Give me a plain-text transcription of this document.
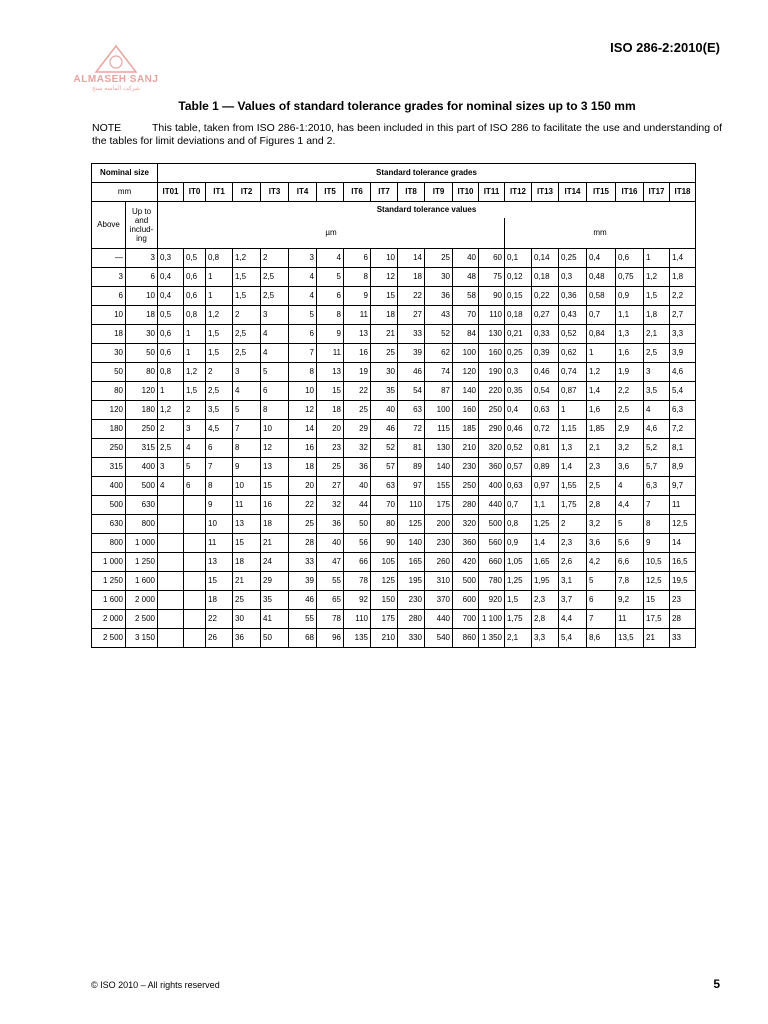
ISO 286-2:2010(E)
ALMASEH SANJ
شركت الماسه سنج
Table 1 — Values of standard tolerance grades for nominal sizes up to 3 150 mm
NOTE	This table, taken from ISO 286-1:2010, has been included in this part of ISO 286 to facilitate the use and understanding of the tables for limit deviations and of Figures 1 and 2.
Nominal size		Standard tolerance grades																			
mm		IT01	IT0	IT1	IT2	IT3	IT4	IT5	IT6	IT7	IT8	IT9	IT10	IT11	IT12	IT13	IT14	IT15	IT16	IT17	IT18
Above	Up to and includ- ing	Standard tolerance values																			
		µm													mm						
—	3	0,3	0,5	0,8	1,2	2	3	4	6	10	14	25	40	60	0,1	0,14	0,25	0,4	0,6	1	1,4
3	6	0,4	0,6	1	1,5	2,5	4	5	8	12	18	30	48	75	0,12	0,18	0,3	0,48	0,75	1,2	1,8
6	10	0,4	0,6	1	1,5	2,5	4	6	9	15	22	36	58	90	0,15	0,22	0,36	0,58	0,9	1,5	2,2
10	18	0,5	0,8	1,2	2	3	5	8	11	18	27	43	70	110	0,18	0,27	0,43	0,7	1,1	1,8	2,7
18	30	0,6	1	1,5	2,5	4	6	9	13	21	33	52	84	130	0,21	0,33	0,52	0,84	1,3	2,1	3,3
30	50	0,6	1	1,5	2,5	4	7	11	16	25	39	62	100	160	0,25	0,39	0,62	1	1,6	2,5	3,9
50	80	0,8	1,2	2	3	5	8	13	19	30	46	74	120	190	0,3	0,46	0,74	1,2	1,9	3	4,6
80	120	1	1,5	2,5	4	6	10	15	22	35	54	87	140	220	0,35	0,54	0,87	1,4	2,2	3,5	5,4
120	180	1,2	2	3,5	5	8	12	18	25	40	63	100	160	250	0,4	0,63	1	1,6	2,5	4	6,3
180	250	2	3	4,5	7	10	14	20	29	46	72	115	185	290	0,46	0,72	1,15	1,85	2,9	4,6	7,2
250	315	2,5	4	6	8	12	16	23	32	52	81	130	210	320	0,52	0,81	1,3	2,1	3,2	5,2	8,1
315	400	3	5	7	9	13	18	25	36	57	89	140	230	360	0,57	0,89	1,4	2,3	3,6	5,7	8,9
400	500	4	6	8	10	15	20	27	40	63	97	155	250	400	0,63	0,97	1,55	2,5	4	6,3	9,7
500	630			9	11	16	22	32	44	70	110	175	280	440	0,7	1,1	1,75	2,8	4,4	7	11
630	800			10	13	18	25	36	50	80	125	200	320	500	0,8	1,25	2	3,2	5	8	12,5
800	1 000			11	15	21	28	40	56	90	140	230	360	560	0,9	1,4	2,3	3,6	5,6	9	14
1 000	1 250			13	18	24	33	47	66	105	165	260	420	660	1,05	1,65	2,6	4,2	6,6	10,5	16,5
1 250	1 600			15	21	29	39	55	78	125	195	310	500	780	1,25	1,95	3,1	5	7,8	12,5	19,5
1 600	2 000			18	25	35	46	65	92	150	230	370	600	920	1,5	2,3	3,7	6	9,2	15	23
2 000	2 500			22	30	41	55	78	110	175	280	440	700	1 100	1,75	2,8	4,4	7	11	17,5	28
2 500	3 150			26	36	50	68	96	135	210	330	540	860	1 350	2,1	3,3	5,4	8,6	13,5	21	33
© ISO 2010 – All rights reserved	5
